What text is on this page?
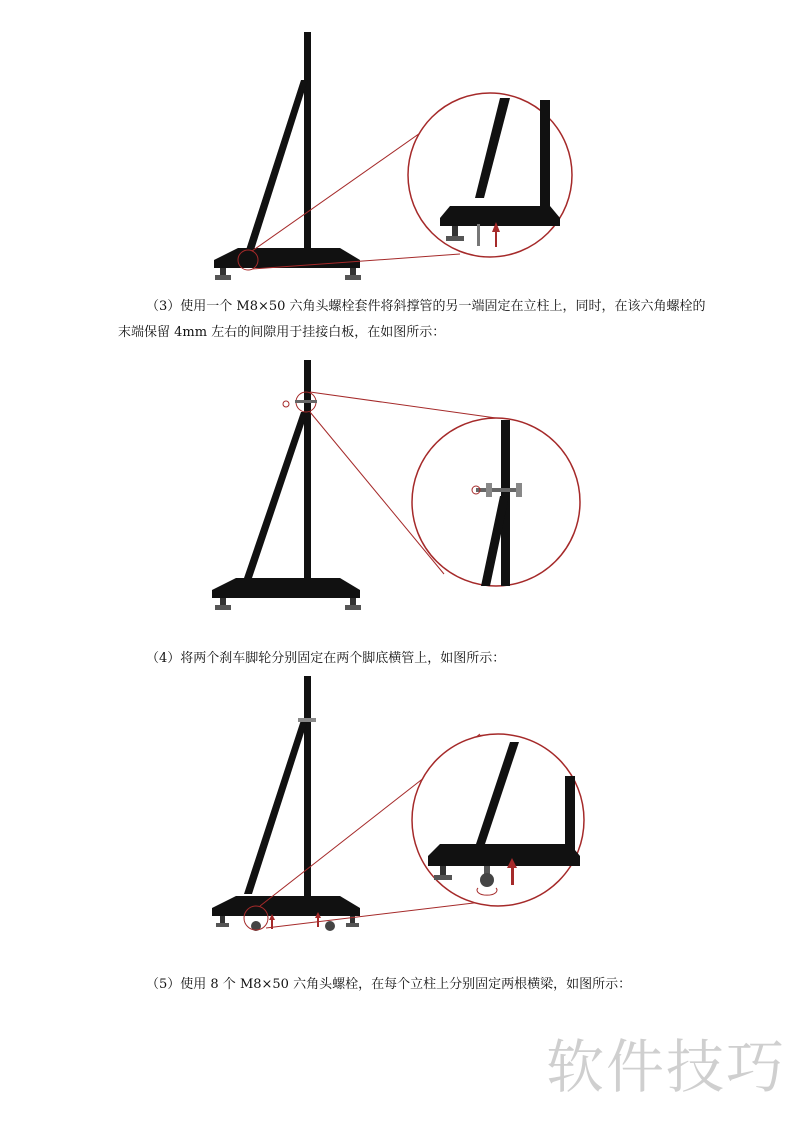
（3）使用一个 M8×50 六角头螺栓套件将斜撑管的另一端固定在立柱上，同时，在该六角螺栓的末端保留 4mm 左右的间隙用于挂接白板，在如图所示：

（4）将两个刹车脚轮分别固定在两个脚底横管上，如图所示：

（5）使用 8 个 M8×50 六角头螺栓，在每个立柱上分别固定两根横梁，如图所示：

软件技巧
